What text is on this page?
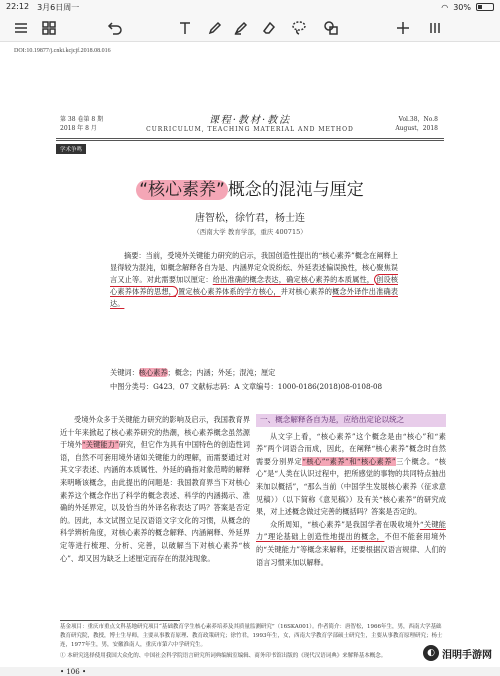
22:12 3月6日周一	◠ 30%
DOI:10.19877/j.cnki.kcjcjf.2018.08.016
第 38 卷第 8 期
2018 年 8 月
课程·教材·教法
CURRICULUM, TEACHING MATERIAL AND METHOD
Vol.38，No.8
August，2018
学术争鸣
“核心素养” 概念的混沌与厘定
唐智松，徐竹君，杨士连
（西南大学 教育学部，重庆 400715）
摘要：当前，受境外关键能力研究的启示，我国创造性提出的“核心素养”概念在阐释上显得较为混沌，如概念解释各自为是、内涵界定众说纷纭、外延表述偏误换性，核心聚焦误言又止等。对此需要加以厘定：给出准确的概念表达，确定核心素养的本质属性， 创设核心素养体养的思想， 置定核心素养体系的学方核心，并对核心素养的概念外译作出准确表达。
关键词：核心素养；概念；内涵；外延；混沌；厘定
中图分类号：G423．07 文献标志码：A 文章编号：1000-0186(2018)08-0108-08
受境外众多于关键能力研究的影响及启示，我国教育界近十年来掀起了核心素养研究的热潮，核心素养概念虽然源于境外“关键能力”研究，但它作为具有中国特色的创造性词语，自然不可套用境外诸如关键能力的理解，而需要通过对其文字表述、内涵的本质属性、外延的确指对象范畴的解释来明晰该概念，由此提出的问题是：我国教育界当下对核心素养这个概念作出了科学的概念表述、科学的内涵揭示、准确的外延界定，以及恰当的外译名称表达了吗？答案是否定的。因此，本文试图立足汉语语文字文化的习惯，从概念的科学辨析角度，对核心素养的概念解释、内涵阐释、外延界定等进行梳理、分析、完善，以破解当下对核心素养“核心”、却又因为缺乏上述厘定而存在的混沌现象。
一、概念解释各自为是，应给出定论以统之
从文字上看，“核心素养”这个概念是由“核心”和“素养”两个词语合而成，因此，在阐释“核心素养”概念时自然需要分别界定“核心”“素养”和“核心素养”三个概念。“核心”是“人类在认识过程中，把所感觉的事物的共同特点抽出来加以概括”，“那么当前（中国学生发展核心素养（征求意见稿））（以下简称《意见稿》）及有关“核心素养”的研究成果，对上述概念做过完善的概括吗？答案是否定的。
众所周知，“核心素养”是我国学者在吸收境外“关键能力”理论基础上创造性地提出的概念，不但不能套用境外的“关键能力”等概念来解释，还要根据汉语言规律、人们的语言习惯来加以解释。
基金项目：重庆市重点文科基地研究项目“基础教育学生核心素养培养及其质量监测研究”（16SKA001）。作者简介：唐智松，1966年生，男，西南大学基础教育研究院，教授，博士生导师，主要从事教育原理、教育政策研究；徐竹君，1993年生，女，西南大学教育学部硕士研究生，主要从事教育原理研究；杨士连，1977年生，男，安徽淮南人，重庆市第六中学研究生。
① 本研究选择使用我国大众化的、中国社会科学院语言研究所词典编辑室编辑、商务印书馆出版的《现代汉语词典》来解释基本概念。
• 106 •
◐ 泪明手游网
